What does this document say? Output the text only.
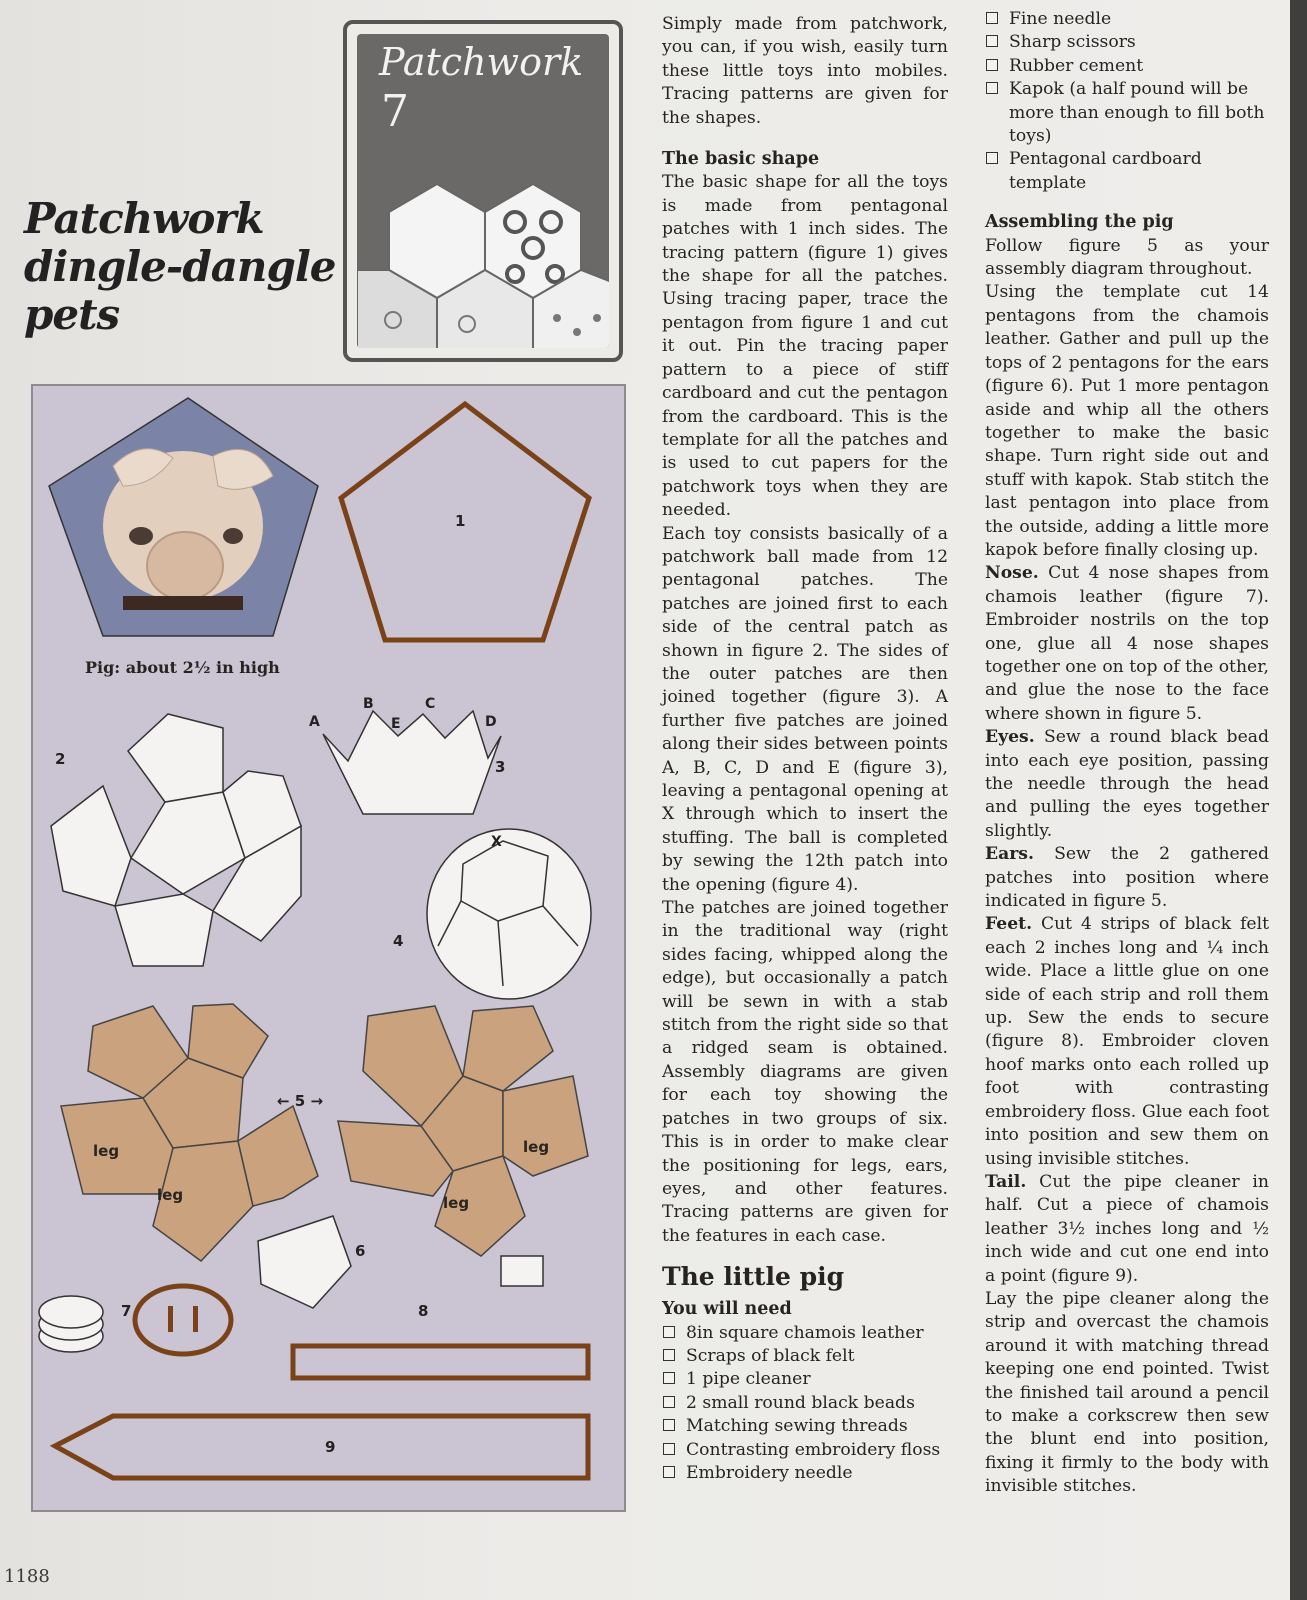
Patchwork
7
Patchwork
dingle-dangle
pets
Pig: about 2½ in high
1
2	3
4
← 5 →
6
7	8
9
A
B	C
D
E
X
leg
leg
leg
leg

Simply made from patchwork, you can, if you wish, easily turn these little toys into mobiles. Tracing patterns are given for the shapes.

The basic shape

The basic shape for all the toys is made from pentagonal patches with 1 inch sides. The tracing pattern (figure 1) gives the shape for all the patches. Using tracing paper, trace the pentagon from figure 1 and cut it out. Pin the tracing paper pattern to a piece of stiff cardboard and cut the pentagon from the cardboard. This is the template for all the patches and is used to cut papers for the patchwork toys when they are needed.

Each toy consists basically of a patchwork ball made from 12 pentagonal patches. The patches are joined first to each side of the central patch as shown in figure 2. The sides of the outer patches are then joined together (figure 3). A further five patches are joined along their sides between points A, B, C, D and E (figure 3), leaving a pentagonal opening at X through which to insert the stuffing. The ball is completed by sewing the 12th patch into the opening (figure 4).

The patches are joined together in the traditional way (right sides facing, whipped along the edge), but occasionally a patch will be sewn in with a stab stitch from the right side so that a ridged seam is obtained. Assembly diagrams are given for each toy showing the patches in two groups of six. This is in order to make clear the positioning for legs, ears, eyes, and other features. Tracing patterns are given for the features in each case.

The little pig
You will need
8in square chamois leather
Scraps of black felt
1 pipe cleaner
2 small round black beads
Matching sewing threads
Contrasting embroidery floss
Embroidery needle
Fine needle
Sharp scissors
Rubber cement
Kapok (a half pound will be more than enough to fill both toys)
Pentagonal cardboard template
Assembling the pig

Follow figure 5 as your assembly diagram throughout.

Using the template cut 14 pentagons from the chamois leather. Gather and pull up the tops of 2 pentagons for the ears (figure 6). Put 1 more pentagon aside and whip all the others together to make the basic shape. Turn right side out and stuff with kapok. Stab stitch the last pentagon into place from the outside, adding a little more kapok before finally closing up.

Nose. Cut 4 nose shapes from chamois leather (figure 7). Embroider nostrils on the top one, glue all 4 nose shapes together one on top of the other, and glue the nose to the face where shown in figure 5.

Eyes. Sew a round black bead into each eye position, passing the needle through the head and pulling the eyes together slightly.

Ears. Sew the 2 gathered patches into position where indicated in figure 5.

Feet. Cut 4 strips of black felt each 2 inches long and ¼ inch wide. Place a little glue on one side of each strip and roll them up. Sew the ends to secure (figure 8). Embroider cloven hoof marks onto each rolled up foot with contrasting embroidery floss. Glue each foot into position and sew them on using invisible stitches.

Tail. Cut the pipe cleaner in half. Cut a piece of chamois leather 3½ inches long and ½ inch wide and cut one end into a point (figure 9).

Lay the pipe cleaner along the strip and overcast the chamois around it with matching thread keeping one end pointed. Twist the finished tail around a pencil to make a corkscrew then sew the blunt end into position, fixing it firmly to the body with invisible stitches.

1188
